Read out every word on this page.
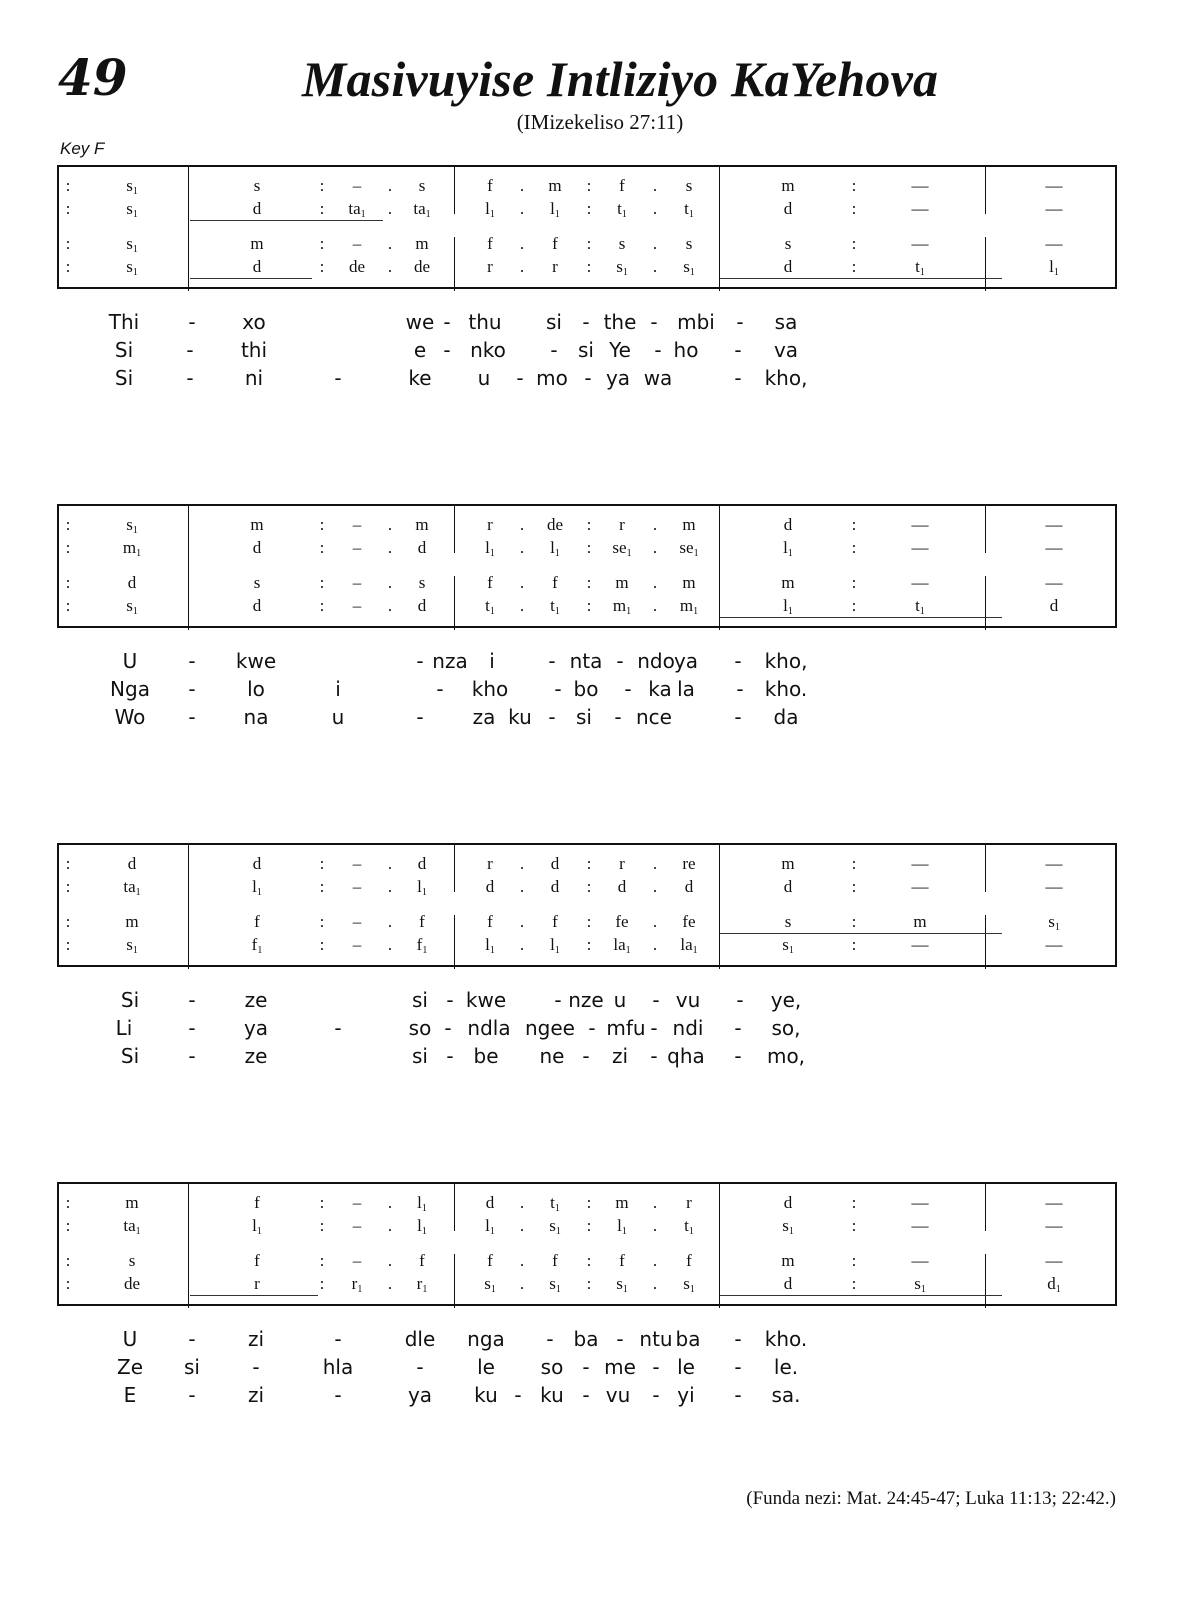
49	Masivuyise Intliziyo KaYehova
(IMizekeliso 27:11)
Key F
:	$s_1$	s	: – . s	f . m : f . s	m	:	—	—
:	$s_1$	d	: $ta_1$ . $ta_1$	$l_1$ . $l_1$ : $t_1$ . $t_1$	d	:	—	—
:	$s_1$	m	: – . m	f . f : s . s	s	:	—	—
:	$s_1$	d	: de . de	r . r : $s_1$ . $s_1$	d	:	$t_1$	$l_1$
Thi - xo	we - thu si - the - mbi - sa
Si	- thi	e - nko - si Ye - ho - va
Si	-	ni	-	ke u - mo - ya wa	- kho,
:	$s_1$	m	: – . m	r . de : r . m	d	:	—	—
:	$m_1$	d	: – . d	$l_1$ . $l_1$ : $se_1$ . $se_1$	$l_1$	:	—	—
:	d	s	: – . s	f . f : m . m	m	:	—	—
:	$s_1$	d	: – . d	$t_1$ . $t_1$ : $m_1$ . $m_1$	$l_1$	:	$t_1$	d
U	- kwe	- nza i	- nta - ndo ya - kho,
Nga -	lo	i	- kho - bo - ka la - kho.
Wo - na	u	- za ku - si - nce	- da
:	d	d	: – . d	r . d : r . re	m	:	—	—
:	$ta_1$	$l_1$	: – . $l_1$	d . d : d . d	d	:	—	—
:	m	f	: – . f	f . f : fe . fe	s	:	m	$s_1$
:	$s_1$	$f_1$	: – . $f_1$	$l_1$ . $l_1$ : $la_1$ . $la_1$	$s_1$	:	—	—
Si - ze	si - kwe - nze u - vu - ye,
Li	- ya	-	so - ndla ngee - mfu - ndi - so,
Si - ze	si - be ne - zi - qha - mo,
:	m	f	: – . $l_1$	d . $t_1$ : m . r	d	:	—	—
:	$ta_1$	$l_1$	: – . $l_1$	$l_1$ . $s_1$ : $l_1$ . $t_1$	$s_1$	:	—	—
:	s	f	: – . f	f . f : f . f	m	:	—	—
:	de	r	: $r_1$ . $r_1$	$s_1$ . $s_1$ : $s_1$ . $s_1$	d	:	$s_1$	$d_1$
U	-	zi	-	dle nga - ba - ntu ba - kho.
Ze si	-	hla	-	le so - me - le - le.
E	-	zi	-	ya ku - ku - vu - yi - sa.
(Funda nezi: Mat. 24:45-47; Luka 11:13; 22:42.)
